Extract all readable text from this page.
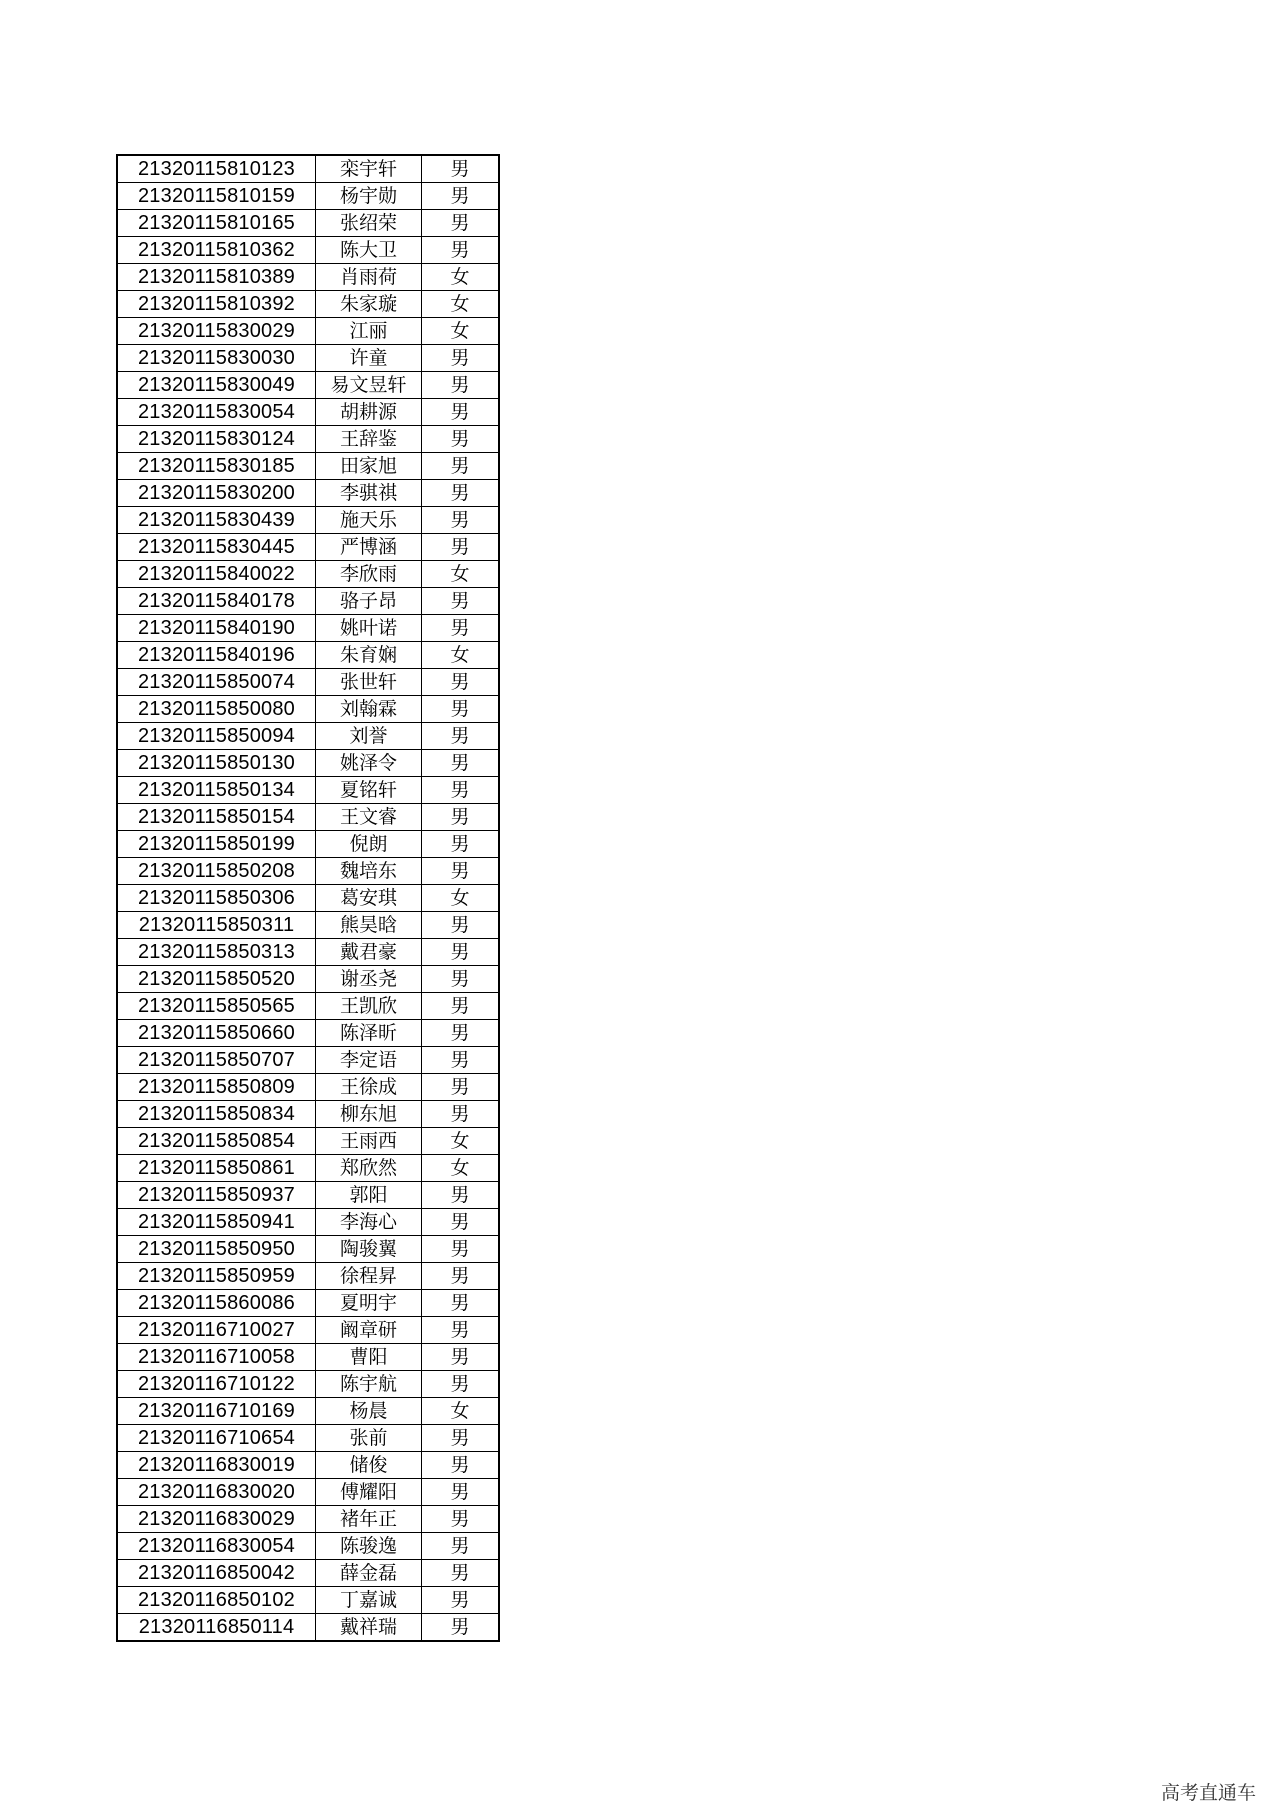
21320115810123	栾宇轩	男
21320115810159	杨宇勋	男
21320115810165	张绍荣	男
21320115810362	陈大卫	男
21320115810389	肖雨荷	女
21320115810392	朱家璇	女
21320115830029	江丽	女
21320115830030	许童	男
21320115830049	易文昱轩	男
21320115830054	胡耕源	男
21320115830124	王辞鉴	男
21320115830185	田家旭	男
21320115830200	李骐祺	男
21320115830439	施天乐	男
21320115830445	严博涵	男
21320115840022	李欣雨	女
21320115840178	骆子昂	男
21320115840190	姚叶诺	男
21320115840196	朱育娴	女
21320115850074	张世轩	男
21320115850080	刘翰霖	男
21320115850094	刘誉	男
21320115850130	姚泽令	男
21320115850134	夏铭轩	男
21320115850154	王文睿	男
21320115850199	倪朗	男
21320115850208	魏培东	男
21320115850306	葛安琪	女
21320115850311	熊昊晗	男
21320115850313	戴君豪	男
21320115850520	谢丞尧	男
21320115850565	王凯欣	男
21320115850660	陈泽昕	男
21320115850707	李定语	男
21320115850809	王徐成	男
21320115850834	柳东旭	男
21320115850854	王雨西	女
21320115850861	郑欣然	女
21320115850937	郭阳	男
21320115850941	李海心	男
21320115850950	陶骏翼	男
21320115850959	徐程昇	男
21320115860086	夏明宇	男
21320116710027	阚章研	男
21320116710058	曹阳	男
21320116710122	陈宇航	男
21320116710169	杨晨	女
21320116710654	张前	男
21320116830019	储俊	男
21320116830020	傅耀阳	男
21320116830029	褚年正	男
21320116830054	陈骏逸	男
21320116850042	薛金磊	男
21320116850102	丁嘉诚	男
21320116850114	戴祥瑞	男
高考直通车
